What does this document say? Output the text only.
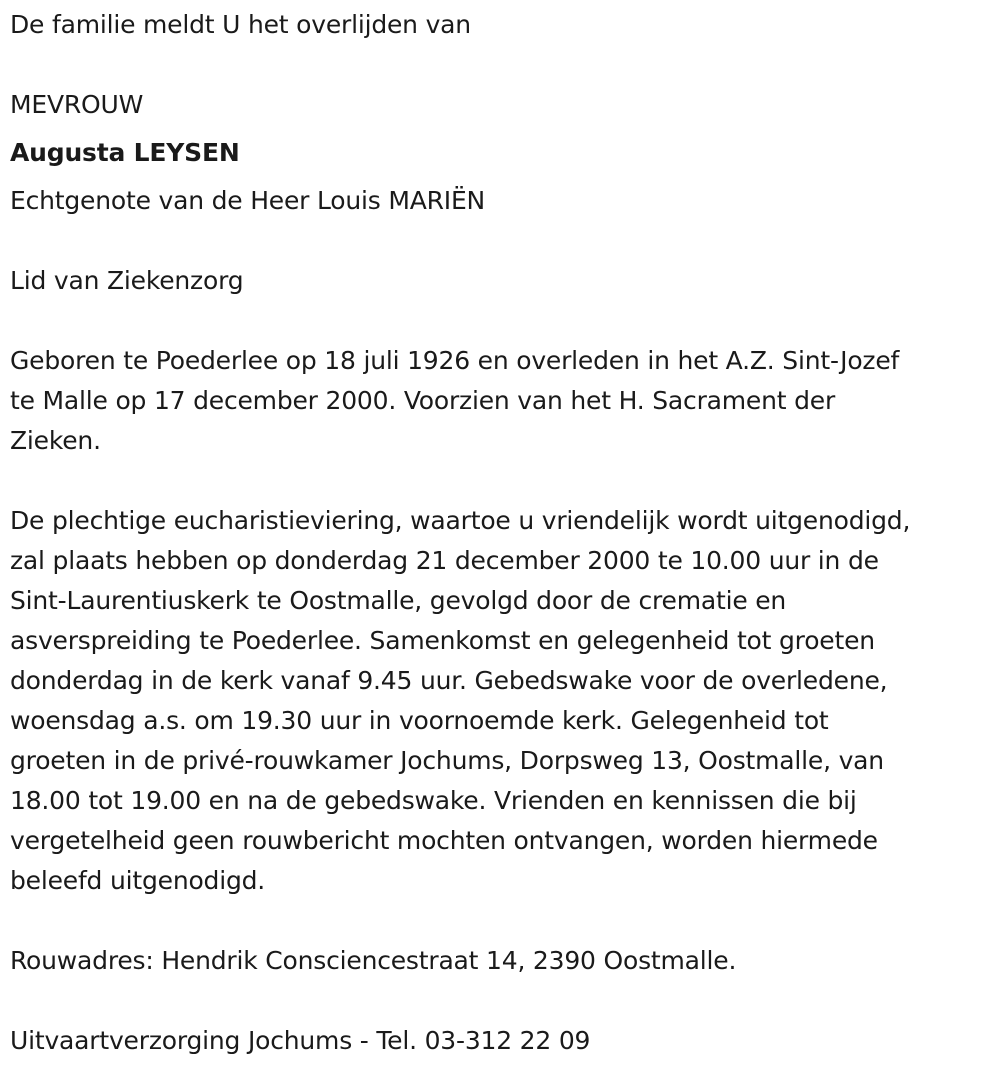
De familie meldt U het overlijden van

MEVROUW

Augusta LEYSEN

Echtgenote van de Heer Louis MARIËN

Lid van Ziekenzorg

Geboren te Poederlee op 18 juli 1926 en overleden in het A.Z. Sint-Jozef
te Malle op 17 december 2000. Voorzien van het H. Sacrament der
Zieken.
De plechtige eucharistieviering, waartoe u vriendelijk wordt uitgenodigd,
zal plaats hebben op donderdag 21 december 2000 te 10.00 uur in de
Sint-Laurentiuskerk te Oostmalle, gevolgd door de crematie en
asverspreiding te Poederlee. Samenkomst en gelegenheid tot groeten
donderdag in de kerk vanaf 9.45 uur. Gebedswake voor de overledene,
woensdag a.s. om 19.30 uur in voornoemde kerk. Gelegenheid tot
groeten in de privé-rouwkamer Jochums, Dorpsweg 13, Oostmalle, van
18.00 tot 19.00 en na de gebedswake. Vrienden en kennissen die bij
vergetelheid geen rouwbericht mochten ontvangen, worden hiermede
beleefd uitgenodigd.

Rouwadres: Hendrik Consciencestraat 14, 2390 Oostmalle.

Uitvaartverzorging Jochums - Tel. 03-312 22 09
